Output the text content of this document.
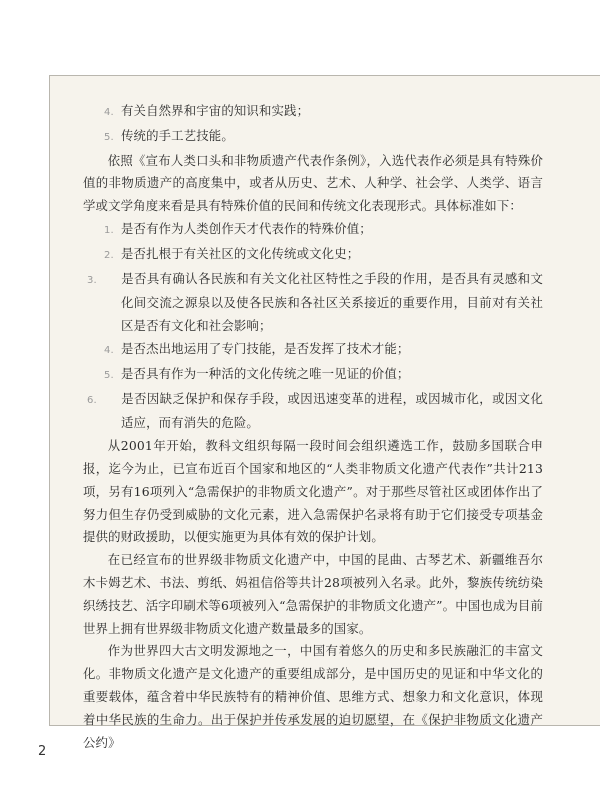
4. 有关自然界和宇宙的知识和实践；

5. 传统的手工艺技能。

依照《宣布人类口头和非物质遗产代表作条例》，入选代表作必须是具有特殊价值的非物质遗产的高度集中，或者从历史、艺术、人种学、社会学、人类学、语言学或文学角度来看是具有特殊价值的民间和传统文化表现形式。具体标准如下：

1. 是否有作为人类创作天才代表作的特殊价值；

2. 是否扎根于有关社区的文化传统或文化史；

3. 是否具有确认各民族和有关文化社区特性之手段的作用，是否具有灵感和文化间交流之源泉以及使各民族和各社区关系接近的重要作用，目前对有关社区是否有文化和社会影响；

4. 是否杰出地运用了专门技能，是否发挥了技术才能；

5. 是否具有作为一种活的文化传统之唯一见证的价值；

6. 是否因缺乏保护和保存手段，或因迅速变革的进程，或因城市化，或因文化适应，而有消失的危险。

从2001年开始，教科文组织每隔一段时间会组织遴选工作，鼓励多国联合申报，迄今为止，已宣布近百个国家和地区的“人类非物质文化遗产代表作”共计213项，另有16项列入“急需保护的非物质文化遗产”。对于那些尽管社区或团体作出了努力但生存仍受到威胁的文化元素，进入急需保护名录将有助于它们接受专项基金提供的财政援助，以便实施更为具体有效的保护计划。

在已经宣布的世界级非物质文化遗产中，中国的昆曲、古琴艺术、新疆维吾尔木卡姆艺术、书法、剪纸、妈祖信俗等共计28项被列入名录。此外，黎族传统纺染织绣技艺、活字印刷术等6项被列入“急需保护的非物质文化遗产”。中国也成为目前世界上拥有世界级非物质文化遗产数量最多的国家。

作为世界四大古文明发源地之一，中国有着悠久的历史和多民族融汇的丰富文化。非物质文化遗产是文化遗产的重要组成部分，是中国历史的见证和中华文化的重要载体，蕴含着中华民族特有的精神价值、思维方式、想象力和文化意识，体现着中华民族的生命力。出于保护并传承发展的迫切愿望，在《保护非物质文化遗产公约》

2
